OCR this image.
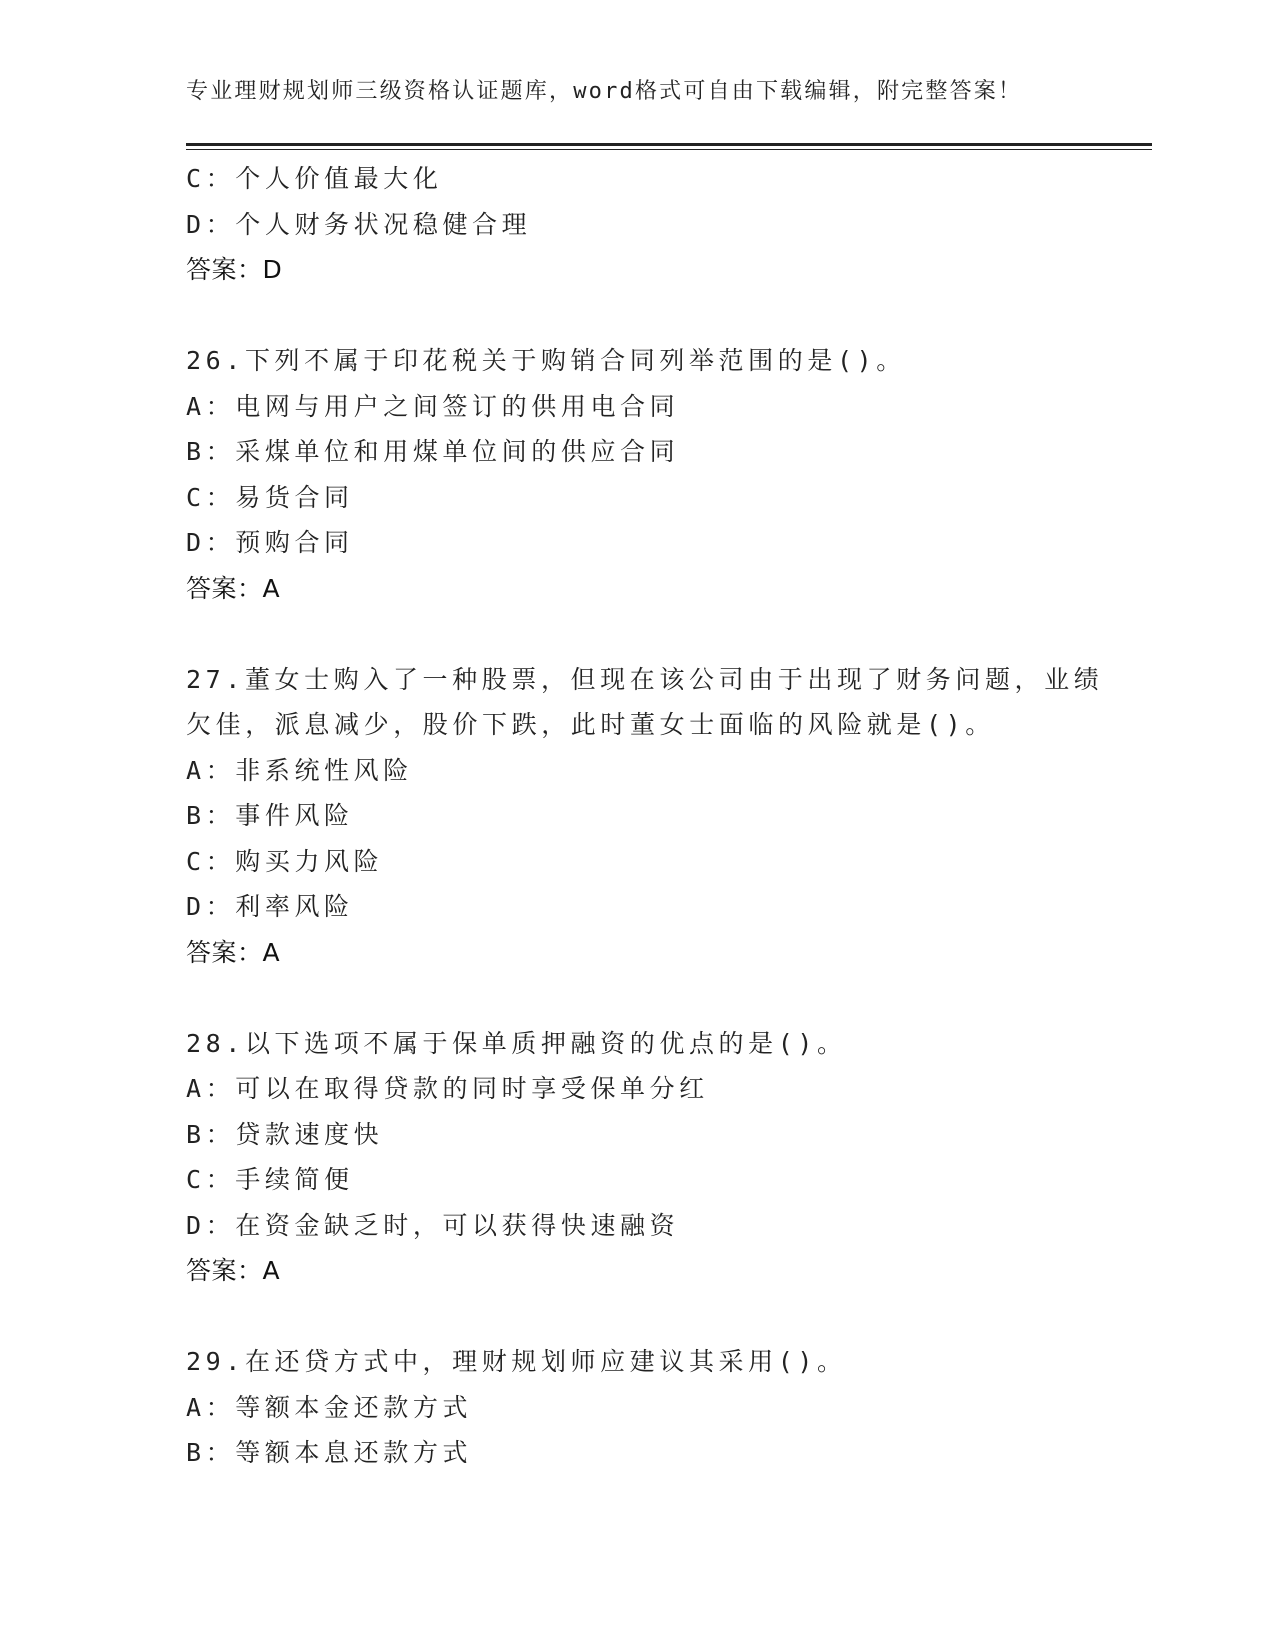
专业理财规划师三级资格认证题库，word格式可自由下载编辑，附完整答案！
C：个人价值最大化
D：个人财务状况稳健合理
答案：D
26.下列不属于印花税关于购销合同列举范围的是()。
A：电网与用户之间签订的供用电合同
B：采煤单位和用煤单位间的供应合同
C：易货合同
D：预购合同
答案：A
27.董女士购入了一种股票，但现在该公司由于出现了财务问题，业绩
欠佳，派息减少，股价下跌，此时董女士面临的风险就是()。
A：非系统性风险
B：事件风险
C：购买力风险
D：利率风险
答案：A
28.以下选项不属于保单质押融资的优点的是()。
A：可以在取得贷款的同时享受保单分红
B：贷款速度快
C：手续简便
D：在资金缺乏时，可以获得快速融资
答案：A
29.在还贷方式中，理财规划师应建议其采用()。
A：等额本金还款方式
B：等额本息还款方式
